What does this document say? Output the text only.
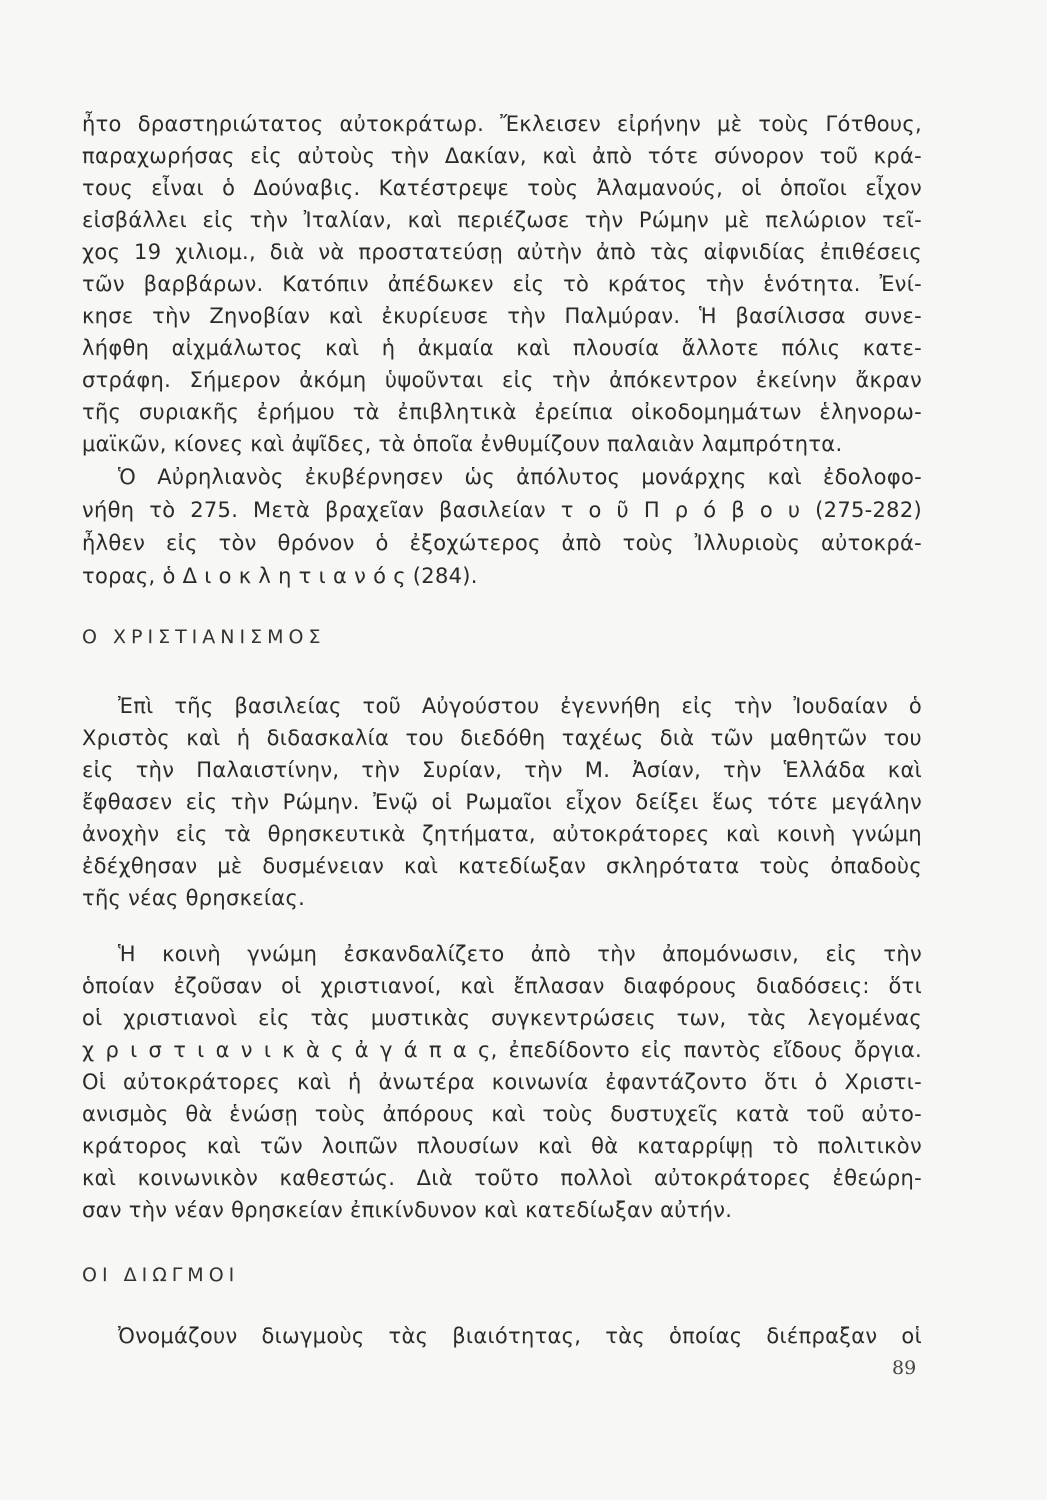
ἦτο δραστηριώτατος αὐτοκράτωρ. Ἔκλεισεν εἰρήνην μὲ τοὺς Γότθους,
παραχωρήσας εἰς αὐτοὺς τὴν Δακίαν, καὶ ἀπὸ τότε σύνορον τοῦ κρά-
τους εἶναι ὁ Δούναβις. Κατέστρεψε τοὺς Ἀλαμανούς, οἱ ὁποῖοι εἶχον
εἰσβάλλει εἰς τὴν Ἰταλίαν, καὶ περιέζωσε τὴν Ρώμην μὲ πελώριον τεῖ-
χος 19 χιλιομ., διὰ νὰ προστατεύσῃ αὐτὴν ἀπὸ τὰς αἰφνιδίας ἐπιθέσεις
τῶν βαρβάρων. Κατόπιν ἀπέδωκεν εἰς τὸ κράτος τὴν ἑνότητα. Ἐνί-
κησε τὴν Ζηνοβίαν καὶ ἐκυρίευσε τὴν Παλμύραν. Ἡ βασίλισσα συνε-
λήφθη αἰχμάλωτος καὶ ἡ ἀκμαία καὶ πλουσία ἄλλοτε πόλις κατε-
στράφη. Σήμερον ἀκόμη ὑψοῦνται εἰς τὴν ἀπόκεντρον ἐκείνην ἄκραν
τῆς συριακῆς ἐρήμου τὰ ἐπιβλητικὰ ἐρείπια οἰκοδομημάτων ἑληνορω-
μαϊκῶν, κίονες καὶ ἀψῖδες, τὰ ὁποῖα ἐνθυμίζουν παλαιὰν λαμπρότητα.
Ὁ Αὐρηλιανὸς ἐκυβέρνησεν ὡς ἀπόλυτος μονάρχης καὶ ἐδολοφο-
νήθη τὸ 275. Μετὰ βραχεῖαν βασιλείαν τ ο ῦ Π ρ ό β ο υ (275-282)
ἦλθεν εἰς τὸν θρόνον ὁ ἐξοχώτερος ἀπὸ τοὺς Ἰλλυριοὺς αὐτοκρά-
τορας, ὁ Δ ι ο κ λ η τ ι α ν ό ς (284).
Ο ΧΡΙΣΤΙΑΝΙΣΜΟΣ
Ἐπὶ τῆς βασιλείας τοῦ Αὐγούστου ἐγεννήθη εἰς τὴν Ἰουδαίαν ὁ
Χριστὸς καὶ ἡ διδασκαλία του διεδόθη ταχέως διὰ τῶν μαθητῶν του
εἰς τὴν Παλαιστίνην, τὴν Συρίαν, τὴν Μ. Ἀσίαν, τὴν Ἑλλάδα καὶ
ἔφθασεν εἰς τὴν Ρώμην. Ἐνῷ οἱ Ρωμαῖοι εἶχον δείξει ἕως τότε μεγάλην
ἀνοχὴν εἰς τὰ θρησκευτικὰ ζητήματα, αὐτοκράτορες καὶ κοινὴ γνώμη
ἐδέχθησαν μὲ δυσμένειαν καὶ κατεδίωξαν σκληρότατα τοὺς ὀπαδοὺς
τῆς νέας θρησκείας.
Ἡ κοινὴ γνώμη ἐσκανδαλίζετο ἀπὸ τὴν ἀπομόνωσιν, εἰς τὴν
ὁποίαν ἐζοῦσαν οἱ χριστιανοί, καὶ ἔπλασαν διαφόρους διαδόσεις: ὅτι
οἱ χριστιανοὶ εἰς τὰς μυστικὰς συγκεντρώσεις των, τὰς λεγομένας
χ ρ ι σ τ ι α ν ι κ ὰ ς ἀ γ ά π α ς, ἐπεδίδοντο εἰς παντὸς εἴδους ὄργια.
Οἱ αὐτοκράτορες καὶ ἡ ἀνωτέρα κοινωνία ἐφαντάζοντο ὅτι ὁ Χριστι-
ανισμὸς θὰ ἑνώσῃ τοὺς ἀπόρους καὶ τοὺς δυστυχεῖς κατὰ τοῦ αὐτο-
κράτορος καὶ τῶν λοιπῶν πλουσίων καὶ θὰ καταρρίψῃ τὸ πολιτικὸν
καὶ κοινωνικὸν καθεστώς. Διὰ τοῦτο πολλοὶ αὐτοκράτορες ἐθεώρη-
σαν τὴν νέαν θρησκείαν ἐπικίνδυνον καὶ κατεδίωξαν αὐτήν.
ΟΙ ΔΙΩΓΜΟΙ
Ὀνομάζουν διωγμοὺς τὰς βιαιότητας, τὰς ὁποίας διέπραξαν οἱ
89
